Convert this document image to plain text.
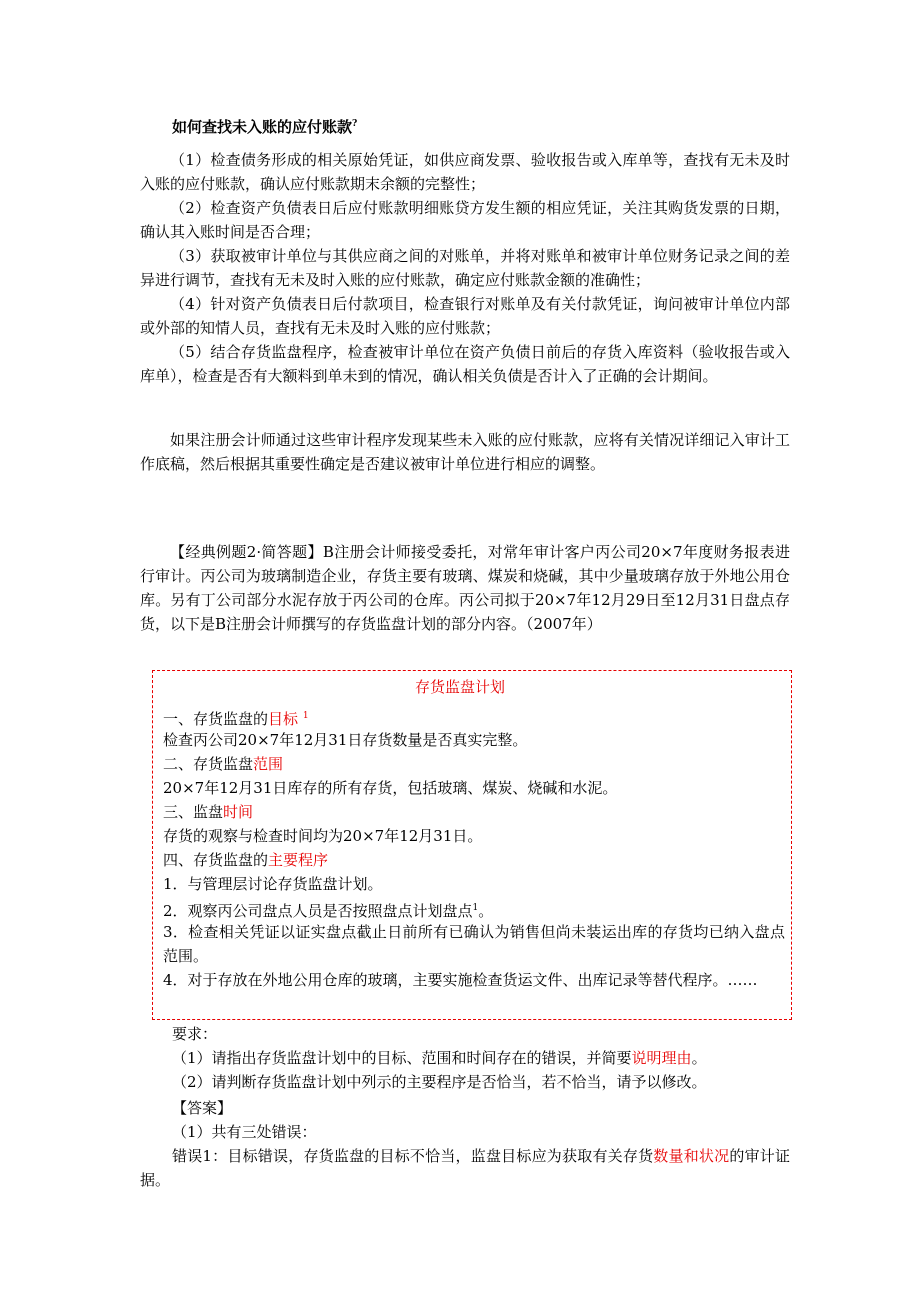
如何查找未入账的应付账款?
（1）检查债务形成的相关原始凭证，如供应商发票、验收报告或入库单等，查找有无未及时入账的应付账款，确认应付账款期末余额的完整性；
（2）检查资产负债表日后应付账款明细账贷方发生额的相应凭证，关注其购货发票的日期，确认其入账时间是否合理；
（3）获取被审计单位与其供应商之间的对账单，并将对账单和被审计单位财务记录之间的差异进行调节，查找有无未及时入账的应付账款，确定应付账款金额的准确性；
（4）针对资产负债表日后付款项目，检查银行对账单及有关付款凭证，询问被审计单位内部或外部的知情人员，查找有无未及时入账的应付账款；
（5）结合存货监盘程序，检查被审计单位在资产负债日前后的存货入库资料（验收报告或入库单），检查是否有大额料到单未到的情况，确认相关负债是否计入了正确的会计期间。
如果注册会计师通过这些审计程序发现某些未入账的应付账款，应将有关情况详细记入审计工作底稿，然后根据其重要性确定是否建议被审计单位进行相应的调整。
【经典例题2·简答题】B注册会计师接受委托，对常年审计客户丙公司20×7年度财务报表进行审计。丙公司为玻璃制造企业，存货主要有玻璃、煤炭和烧碱，其中少量玻璃存放于外地公用仓库。另有丁公司部分水泥存放于丙公司的仓库。丙公司拟于20×7年12月29日至12月31日盘点存货，以下是B注册会计师撰写的存货监盘计划的部分内容。（2007年）
存货监盘计划
一、存货监盘的目标 $^1$
检查丙公司20×7年12月31日存货数量是否真实完整。
二、存货监盘范围
20×7年12月31日库存的所有存货，包括玻璃、煤炭、烧碱和水泥。
三、监盘时间
存货的观察与检查时间均为20×7年12月31日。
四、存货监盘的主要程序
1．与管理层讨论存货监盘计划。
2．观察丙公司盘点人员是否按照盘点计划盘点$^1$。
3．检查相关凭证以证实盘点截止日前所有已确认为销售但尚未装运出库的存货均已纳入盘点范围。
4．对于存放在外地公用仓库的玻璃，主要实施检查货运文件、出库记录等替代程序。……
要求：
（1）请指出存货监盘计划中的目标、范围和时间存在的错误，并简要说明理由。
（2）请判断存货监盘计划中列示的主要程序是否恰当，若不恰当，请予以修改。
【答案】
（1）共有三处错误：
错误1：目标错误，存货监盘的目标不恰当，监盘目标应为获取有关存货数量和状况的审计证据。
